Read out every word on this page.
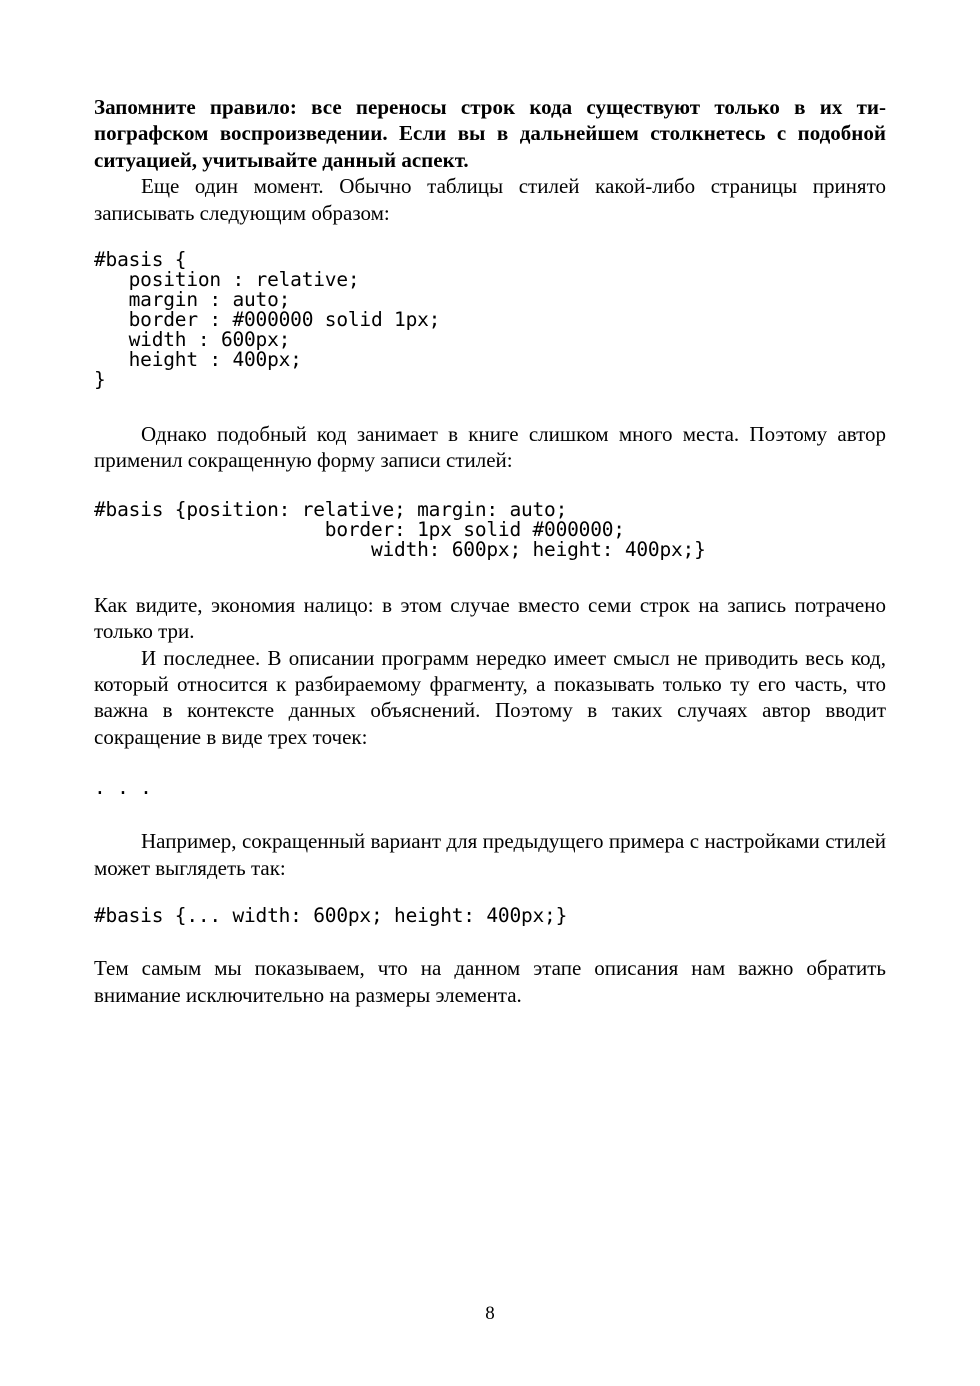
Запомните правило: все переносы строк кода существуют только в их типографском воспроизведении. Если вы в дальнейшем столкнетесь с подобной ситуацией, учитывайте данный аспект.

Еще один момент. Обычно таблицы стилей какой-либо страницы принято записывать следующим образом:

#basis {
position : relative;
margin : auto;
border : #000000 solid 1px;
width : 600px;
height : 400px;
}

Однако подобный код занимает в книге слишком много места. Поэтому автор применил сокращенную форму записи стилей:

#basis {position: relative; margin: auto;
border: 1px solid #000000;
width: 600px; height: 400px;}

Как видите, экономия налицо: в этом случае вместо семи строк на запись потрачено только три.

И последнее. В описании программ нередко имеет смысл не приводить весь код, который относится к разбираемому фрагменту, а показывать только ту его часть, что важна в контексте данных объяснений. Поэтому в таких случаях автор вводит сокращение в виде трех точек:

. . .

Например, сокращенный вариант для предыдущего примера с настройками стилей может выглядеть так:

#basis {... width: 600px; height: 400px;}

Тем самым мы показываем, что на данном этапе описания нам важно обратить внимание исключительно на размеры элемента.

8
